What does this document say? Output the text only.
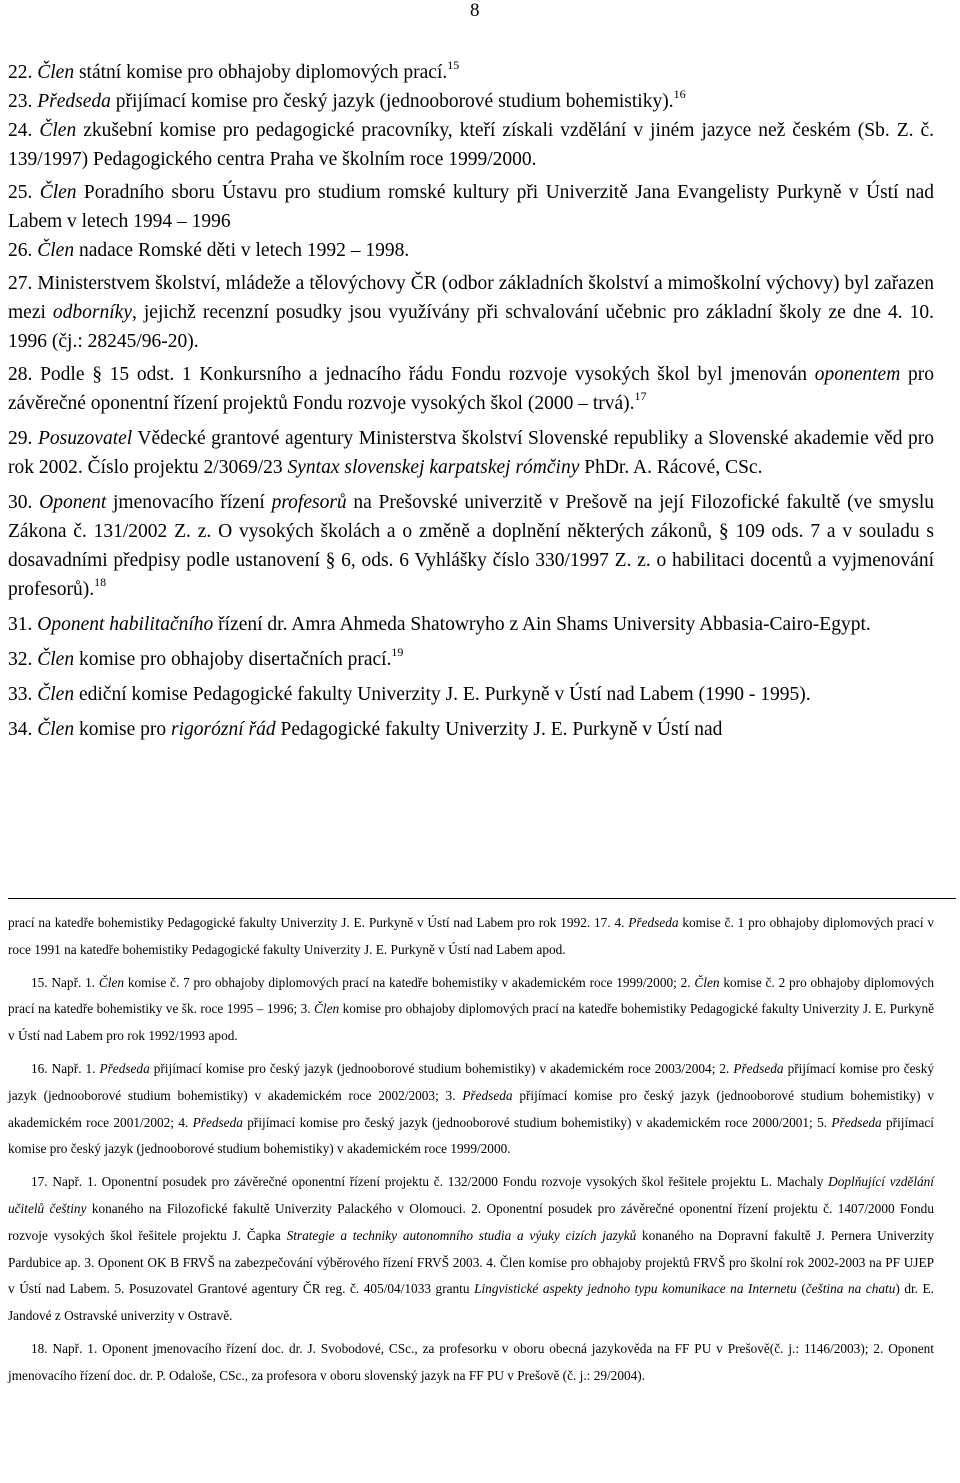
8

22. Člen státní komise pro obhajoby diplomových prací.$^{15}$

23. Předseda přijímací komise pro český jazyk (jednooborové studium bohemistiky).$^{16}$

24. Člen zkušební komise pro pedagogické pracovníky, kteří získali vzdělání v jiném jazyce než českém (Sb. Z. č. 139/1997) Pedagogického centra Praha ve školním roce 1999/2000.

25. Člen Poradního sboru Ústavu pro studium romské kultury při Univerzitě Jana Evangelisty Purkyně v Ústí nad Labem v letech 1994 – 1996

26. Člen nadace Romské děti v letech 1992 – 1998.

27. Ministerstvem školství, mládeže a tělovýchovy ČR (odbor základních školství a mimoškolní výchovy) byl zařazen mezi odborníky, jejichž recenzní posudky jsou využívány při schvalování učebnic pro základní školy ze dne 4. 10. 1996 (čj.: 28245/96-20).

28. Podle § 15 odst. 1 Konkursního a jednacího řádu Fondu rozvoje vysokých škol byl jmenován oponentem pro závěrečné oponentní řízení projektů Fondu rozvoje vysokých škol (2000 – trvá).$^{17}$

29. Posuzovatel Vědecké grantové agentury Ministerstva školství Slovenské republiky a Slovenské akademie věd pro rok 2002. Číslo projektu 2/3069/23 Syntax slovenskej karpatskej rómčiny PhDr. A. Rácové, CSc.

30. Oponent jmenovacího řízení profesorů na Prešovské univerzitě v Prešově na její Filozofické fakultě (ve smyslu Zákona č. 131/2002 Z. z. O vysokých školách a o změně a doplnění některých zákonů, § 109 ods. 7 a v souladu s dosavadními předpisy podle ustanovení § 6, ods. 6 Vyhlášky číslo 330/1997 Z. z. o habilitaci docentů a vyjmenování profesorů).$^{18}$

31. Oponent habilitačního řízení dr. Amra Ahmeda Shatowryho z Ain Shams University Abbasia-Cairo-Egypt.

32. Člen komise pro obhajoby disertačních prací.$^{19}$

33. Člen ediční komise Pedagogické fakulty Univerzity J. E. Purkyně v Ústí nad Labem (1990 - 1995).

34. Člen komise pro rigorózní řád Pedagogické fakulty Univerzity J. E. Purkyně v Ústí nad

prací na katedře bohemistiky Pedagogické fakulty Univerzity J. E. Purkyně v Ústí nad Labem pro rok 1992. 17. 4. Předseda komise č. 1 pro obhajoby diplomových prací v roce 1991 na katedře bohemistiky Pedagogické fakulty Univerzity J. E. Purkyně v Ústí nad Labem apod.

15. Např. 1. Člen komise č. 7 pro obhajoby diplomových prací na katedře bohemistiky v akademickém roce 1999/2000; 2. Člen komise č. 2 pro obhajoby diplomových prací na katedře bohemistiky ve šk. roce 1995 – 1996; 3. Člen komise pro obhajoby diplomových prací na katedře bohemistiky Pedagogické fakulty Univerzity J. E. Purkyně v Ústí nad Labem pro rok 1992/1993 apod.

16. Např. 1. Předseda přijímací komise pro český jazyk (jednooborové studium bohemistiky) v akademickém roce 2003/2004; 2. Předseda přijímací komise pro český jazyk (jednooborové studium bohemistiky) v akademickém roce 2002/2003; 3. Předseda přijímací komise pro český jazyk (jednooborové studium bohemistiky) v akademickém roce 2001/2002; 4. Předseda přijímací komise pro český jazyk (jednooborové studium bohemistiky) v akademickém roce 2000/2001; 5. Předseda přijímací komise pro český jazyk (jednooborové studium bohemistiky) v akademickém roce 1999/2000.

17. Např. 1. Oponentní posudek pro závěrečné oponentní řízení projektu č. 132/2000 Fondu rozvoje vysokých škol řešitele projektu L. Machaly Doplňující vzdělání učitelů češtiny konaného na Filozofické fakultě Univerzity Palackého v Olomouci. 2. Oponentní posudek pro závěrečné oponentní řízení projektu č. 1407/2000 Fondu rozvoje vysokých škol řešitele projektu J. Čapka Strategie a techniky autonomního studia a výuky cizích jazyků konaného na Dopravní fakultě J. Pernera Univerzity Pardubice ap. 3. Oponent OK B FRVŠ na zabezpečování výběrového řízení FRVŠ 2003. 4. Člen komise pro obhajoby projektů FRVŠ pro školní rok 2002-2003 na PF UJEP v Ústí nad Labem. 5. Posuzovatel Grantové agentury ČR reg. č. 405/04/1033 grantu Lingvistické aspekty jednoho typu komunikace na Internetu (čeština na chatu) dr. E. Jandové z Ostravské univerzity v Ostravě.

18. Např. 1. Oponent jmenovacího řízení doc. dr. J. Svobodové, CSc., za profesorku v oboru obecná jazykověda na FF PU v Prešově(č. j.: 1146/2003); 2. Oponent jmenovacího řízení doc. dr. P. Odaloše, CSc., za profesora v oboru slovenský jazyk na FF PU v Prešově (č. j.: 29/2004).
